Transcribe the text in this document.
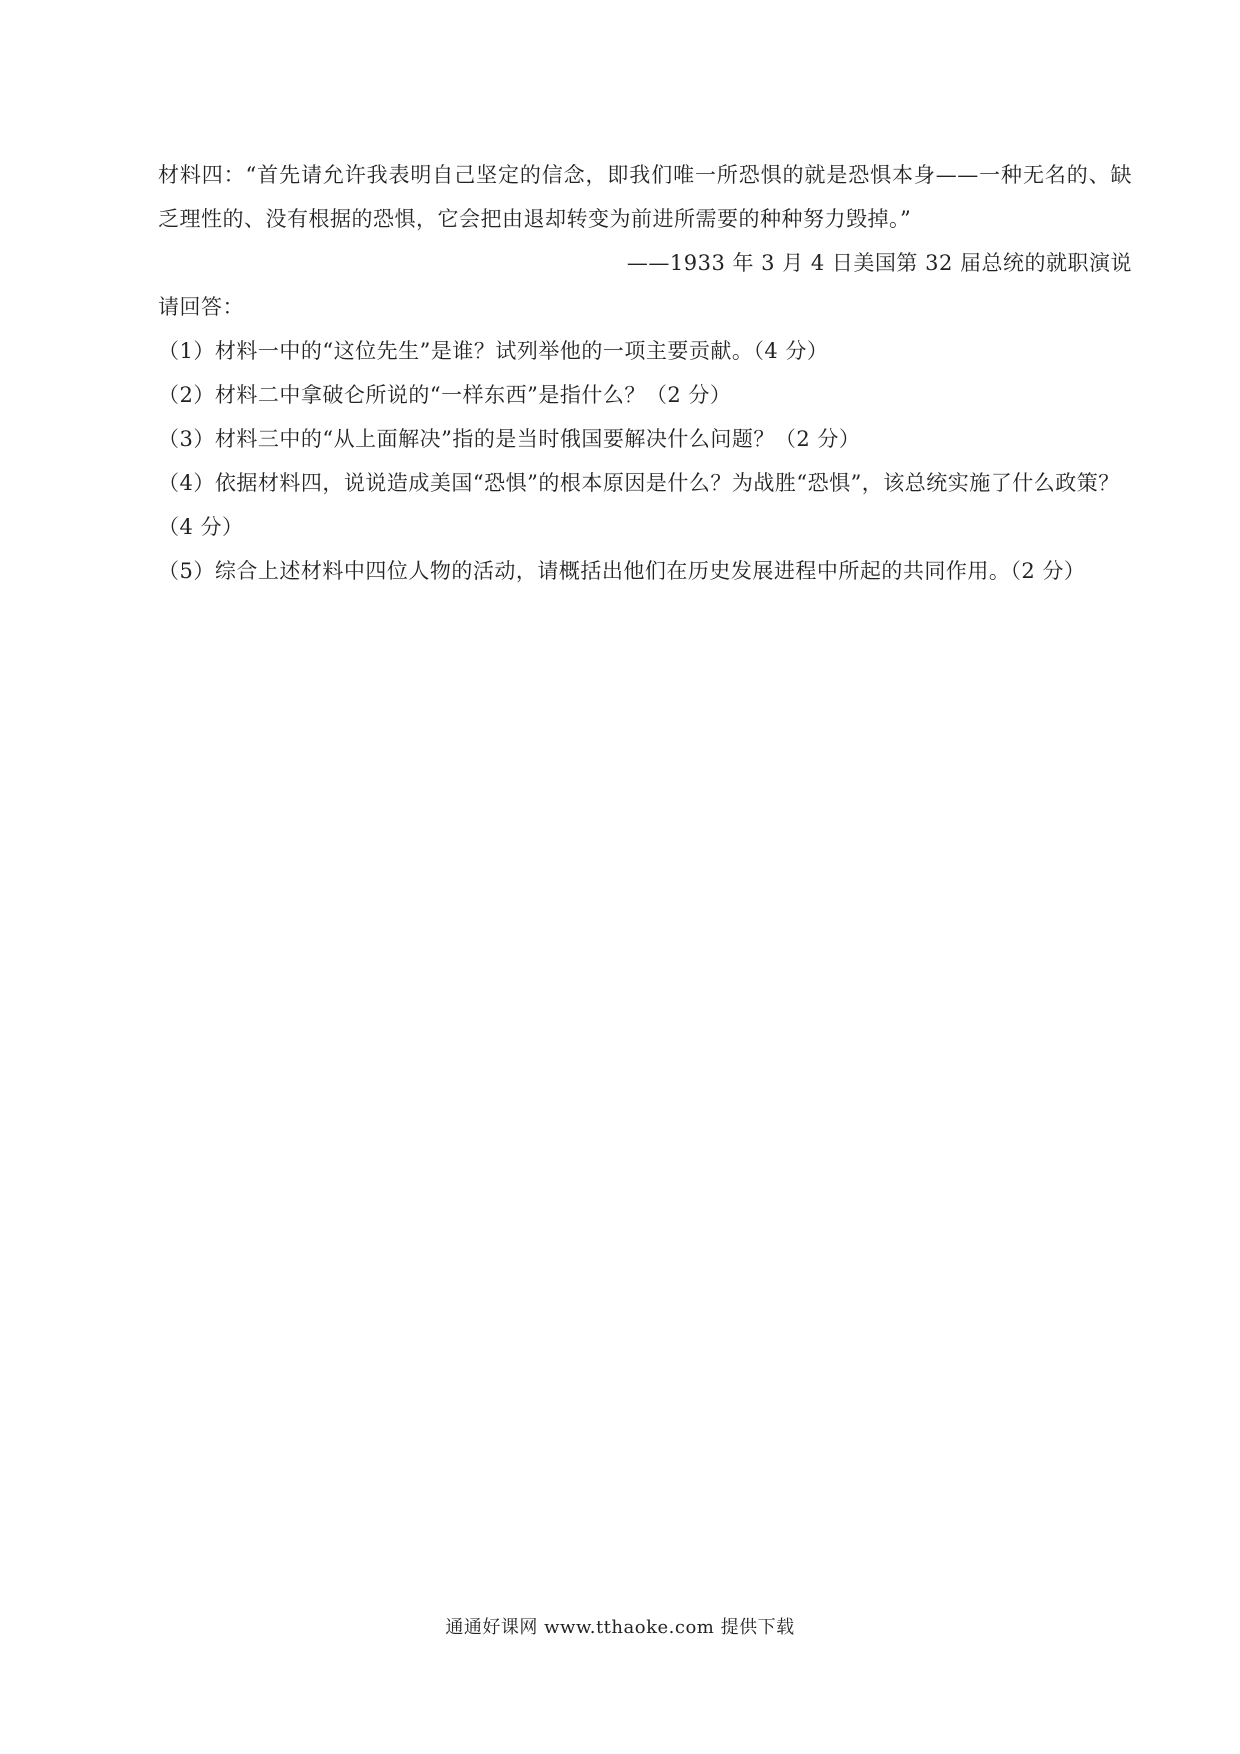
材料四：“首先请允许我表明自己坚定的信念，即我们唯一所恐惧的就是恐惧本身——一种无名的、缺乏理性的、没有根据的恐惧，它会把由退却转变为前进所需要的种种努力毁掉。”

——1933 年 3 月 4 日美国第 32 届总统的就职演说

请回答：

（1）材料一中的“这位先生”是谁？试列举他的一项主要贡献。（4 分）

（2）材料二中拿破仑所说的“一样东西”是指什么？（2 分）

（3）材料三中的“从上面解决”指的是当时俄国要解决什么问题？（2 分）

（4）依据材料四，说说造成美国“恐惧”的根本原因是什么？为战胜“恐惧”，该总统实施了什么政策？（4 分）

（5）综合上述材料中四位人物的活动，请概括出他们在历史发展进程中所起的共同作用。（2 分）

通通好课网 www.tthaoke.com 提供下载
